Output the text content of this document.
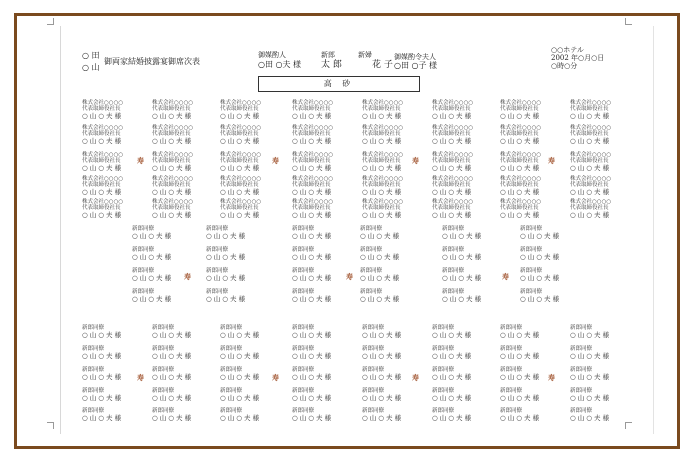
○ 田
○ 山
御両家結婚披露宴御席次表
御媒酌人
○田 ○夫 様
新郎
太 郎
新婦
花 子
御媒酌令夫人
○田 ○子 様
○○ホテル
2002 年○月○日
○時○分
高 砂
株式会社○○○○
代表取締役社長
○ 山 ○ 夫 様
株式会社○○○○
代表取締役社長
○ 山 ○ 夫 様
株式会社○○○○
代表取締役社長
○ 山 ○ 夫 様
株式会社○○○○
代表取締役社長
○ 山 ○ 夫 様
株式会社○○○○
代表取締役社長
○ 山 ○ 夫 様
株式会社○○○○
代表取締役社長
○ 山 ○ 夫 様
株式会社○○○○
代表取締役社長
○ 山 ○ 夫 様
株式会社○○○○
代表取締役社長
○ 山 ○ 夫 様
株式会社○○○○
代表取締役社長
○ 山 ○ 夫 様
株式会社○○○○
代表取締役社長
○ 山 ○ 夫 様
株式会社○○○○
代表取締役社長
○ 山 ○ 夫 様
株式会社○○○○
代表取締役社長
○ 山 ○ 夫 様
株式会社○○○○
代表取締役社長
○ 山 ○ 夫 様
株式会社○○○○
代表取締役社長
○ 山 ○ 夫 様
株式会社○○○○
代表取締役社長
○ 山 ○ 夫 様
株式会社○○○○
代表取締役社長
○ 山 ○ 夫 様
株式会社○○○○
代表取締役社長
○ 山 ○ 夫 様
株式会社○○○○
代表取締役社長
○ 山 ○ 夫 様
株式会社○○○○
代表取締役社長
○ 山 ○ 夫 様
株式会社○○○○
代表取締役社長
○ 山 ○ 夫 様
株式会社○○○○
代表取締役社長
○ 山 ○ 夫 様
株式会社○○○○
代表取締役社長
○ 山 ○ 夫 様
株式会社○○○○
代表取締役社長
○ 山 ○ 夫 様
株式会社○○○○
代表取締役社長
○ 山 ○ 夫 様
株式会社○○○○
代表取締役社長
○ 山 ○ 夫 様
株式会社○○○○
代表取締役社長
○ 山 ○ 夫 様
株式会社○○○○
代表取締役社長
○ 山 ○ 夫 様
株式会社○○○○
代表取締役社長
○ 山 ○ 夫 様
株式会社○○○○
代表取締役社長
○ 山 ○ 夫 様
株式会社○○○○
代表取締役社長
○ 山 ○ 夫 様
株式会社○○○○
代表取締役社長
○ 山 ○ 夫 様
株式会社○○○○
代表取締役社長
○ 山 ○ 夫 様
株式会社○○○○
代表取締役社長
○ 山 ○ 夫 様
株式会社○○○○
代表取締役社長
○ 山 ○ 夫 様
株式会社○○○○
代表取締役社長
○ 山 ○ 夫 様
株式会社○○○○
代表取締役社長
○ 山 ○ 夫 様
株式会社○○○○
代表取締役社長
○ 山 ○ 夫 様
株式会社○○○○
代表取締役社長
○ 山 ○ 夫 様
株式会社○○○○
代表取締役社長
○ 山 ○ 夫 様
株式会社○○○○
代表取締役社長
○ 山 ○ 夫 様
寿	寿	寿	寿
新郎同僚
○ 山 ○ 夫 様
新郎同僚
○ 山 ○ 夫 様
新郎同僚
○ 山 ○ 夫 様
新郎同僚
○ 山 ○ 夫 様
新郎同僚
○ 山 ○ 夫 様
新郎同僚
○ 山 ○ 夫 様
新郎同僚
○ 山 ○ 夫 様
新郎同僚
○ 山 ○ 夫 様
新郎同僚
○ 山 ○ 夫 様
新郎同僚
○ 山 ○ 夫 様
新郎同僚
○ 山 ○ 夫 様
新郎同僚
○ 山 ○ 夫 様
新郎同僚
○ 山 ○ 夫 様
新郎同僚
○ 山 ○ 夫 様
新郎同僚
○ 山 ○ 夫 様
新郎同僚
○ 山 ○ 夫 様
新郎同僚
○ 山 ○ 夫 様
新郎同僚
○ 山 ○ 夫 様
新郎同僚
○ 山 ○ 夫 様
新郎同僚
○ 山 ○ 夫 様
新郎同僚
○ 山 ○ 夫 様
新郎同僚
○ 山 ○ 夫 様
新郎同僚
○ 山 ○ 夫 様
新郎同僚
○ 山 ○ 夫 様
寿	寿	寿
新郎同僚
○ 山 ○ 夫 様
新郎同僚
○ 山 ○ 夫 様
新郎同僚
○ 山 ○ 夫 様
新郎同僚
○ 山 ○ 夫 様
新郎同僚
○ 山 ○ 夫 様
新郎同僚
○ 山 ○ 夫 様
新郎同僚
○ 山 ○ 夫 様
新郎同僚
○ 山 ○ 夫 様
新郎同僚
○ 山 ○ 夫 様
新郎同僚
○ 山 ○ 夫 様
新郎同僚
○ 山 ○ 夫 様
新郎同僚
○ 山 ○ 夫 様
新郎同僚
○ 山 ○ 夫 様
新郎同僚
○ 山 ○ 夫 様
新郎同僚
○ 山 ○ 夫 様
新郎同僚
○ 山 ○ 夫 様
新郎同僚
○ 山 ○ 夫 様
新郎同僚
○ 山 ○ 夫 様
新郎同僚
○ 山 ○ 夫 様
新郎同僚
○ 山 ○ 夫 様
新郎同僚
○ 山 ○ 夫 様
新郎同僚
○ 山 ○ 夫 様
新郎同僚
○ 山 ○ 夫 様
新郎同僚
○ 山 ○ 夫 様
新郎同僚
○ 山 ○ 夫 様
新郎同僚
○ 山 ○ 夫 様
新郎同僚
○ 山 ○ 夫 様
新郎同僚
○ 山 ○ 夫 様
新郎同僚
○ 山 ○ 夫 様
新郎同僚
○ 山 ○ 夫 様
新郎同僚
○ 山 ○ 夫 様
新郎同僚
○ 山 ○ 夫 様
新郎同僚
○ 山 ○ 夫 様
新郎同僚
○ 山 ○ 夫 様
新郎同僚
○ 山 ○ 夫 様
新郎同僚
○ 山 ○ 夫 様
新郎同僚
○ 山 ○ 夫 様
新郎同僚
○ 山 ○ 夫 様
新郎同僚
○ 山 ○ 夫 様
新郎同僚
○ 山 ○ 夫 様
寿	寿	寿	寿
